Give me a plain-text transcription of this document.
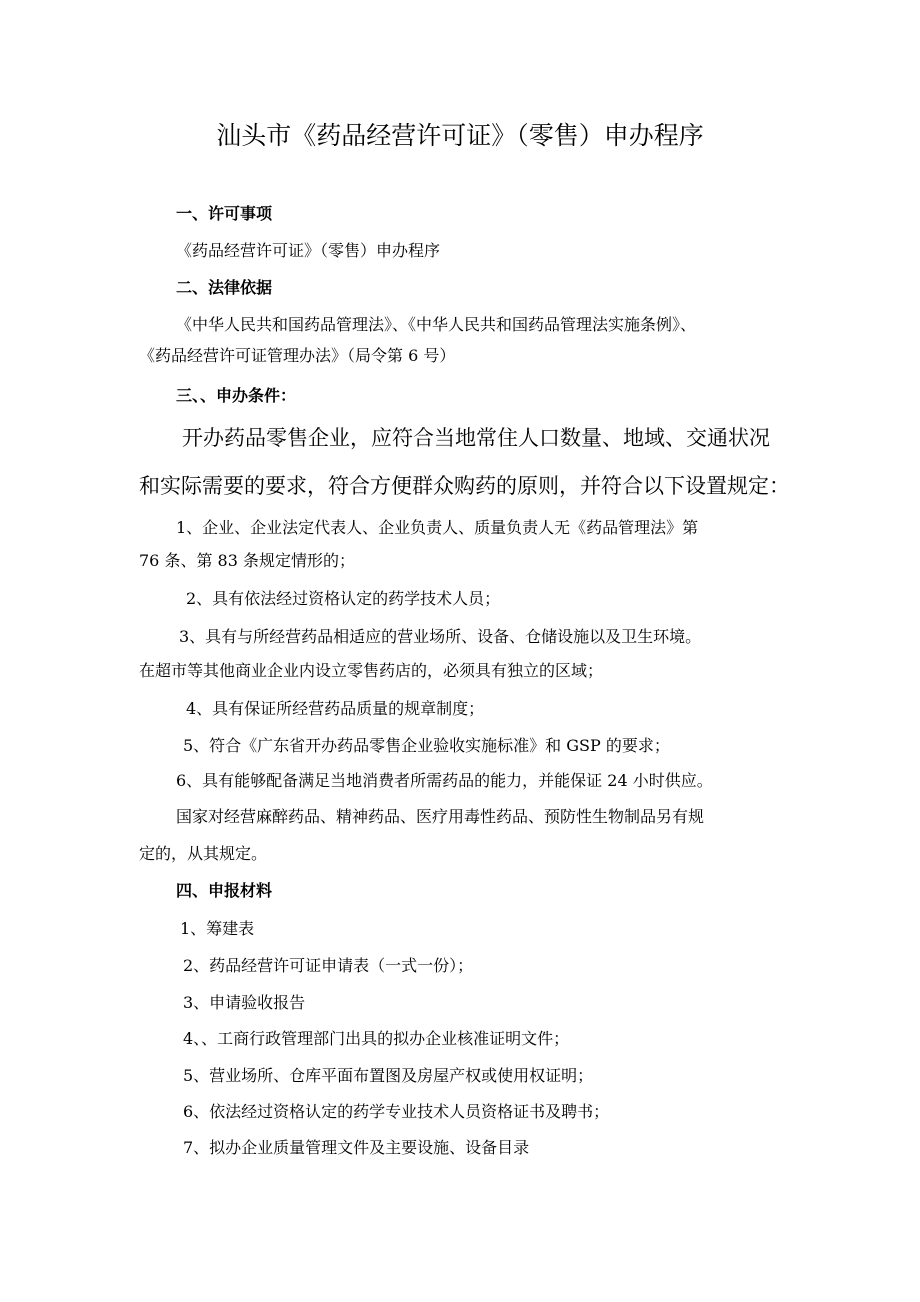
汕头市《药品经营许可证》（零售）申办程序
一、许可事项
《药品经营许可证》（零售）申办程序
二、法律依据
《中华人民共和国药品管理法》、《中华人民共和国药品管理法实施条例》、
《药品经营许可证管理办法》（局令第 6 号）
三、、申办条件：
开办药品零售企业，应符合当地常住人口数量、地域、交通状况
和实际需要的要求，符合方便群众购药的原则，并符合以下设置规定：
1、企业、企业法定代表人、企业负责人、质量负责人无《药品管理法》第
76 条、第 83 条规定情形的；
2、具有依法经过资格认定的药学技术人员；
3、具有与所经营药品相适应的营业场所、设备、仓储设施以及卫生环境。
在超市等其他商业企业内设立零售药店的，必须具有独立的区域；
4、具有保证所经营药品质量的规章制度；
5、符合《广东省开办药品零售企业验收实施标准》和 GSP 的要求；
6、具有能够配备满足当地消费者所需药品的能力，并能保证 24 小时供应。
国家对经营麻醉药品、精神药品、医疗用毒性药品、预防性生物制品另有规
定的，从其规定。
四、申报材料
1、筹建表
2、药品经营许可证申请表（一式一份）；
3、申请验收报告
4、、工商行政管理部门出具的拟办企业核准证明文件；
5、营业场所、仓库平面布置图及房屋产权或使用权证明；
6、依法经过资格认定的药学专业技术人员资格证书及聘书；
7、拟办企业质量管理文件及主要设施、设备目录
